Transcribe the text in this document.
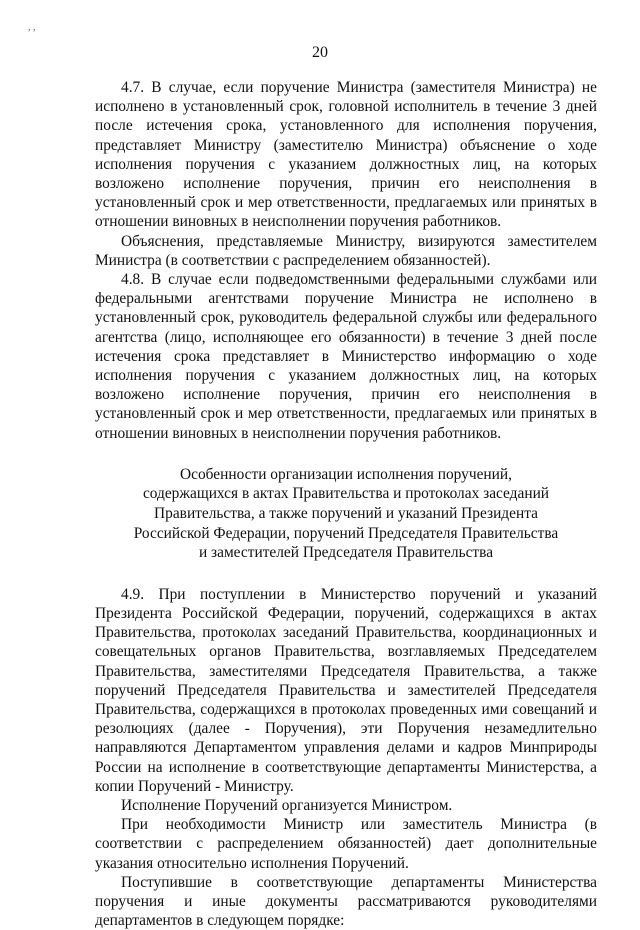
, ,
20

4.7. В случае, если поручение Министра (заместителя Министра) не исполнено в установленный срок, головной исполнитель в течение 3 дней после истечения срока, установленного для исполнения поручения, представляет Министру (заместителю Министра) объяснение о ходе исполнения поручения с указанием должностных лиц, на которых возложено исполнение поручения, причин его неисполнения в установленный срок и мер ответственности, предлагаемых или принятых в отношении виновных в неисполнении поручения работников.

Объяснения, представляемые Министру, визируются заместителем Министра (в соответствии с распределением обязанностей).

4.8. В случае если подведомственными федеральными службами или федеральными агентствами поручение Министра не исполнено в установленный срок, руководитель федеральной службы или федерального агентства (лицо, исполняющее его обязанности) в течение 3 дней после истечения срока представляет в Министерство информацию о ходе исполнения поручения с указанием должностных лиц, на которых возложено исполнение поручения, причин его неисполнения в установленный срок и мер ответственности, предлагаемых или принятых в отношении виновных в неисполнении поручения работников.

Особенности организации исполнения поручений,
содержащихся в актах Правительства и протоколах заседаний
Правительства, а также поручений и указаний Президента
Российской Федерации, поручений Председателя Правительства
и заместителей Председателя Правительства

4.9. При поступлении в Министерство поручений и указаний Президента Российской Федерации, поручений, содержащихся в актах Правительства, протоколах заседаний Правительства, координационных и совещательных органов Правительства, возглавляемых Председателем Правительства, заместителями Председателя Правительства, а также поручений Председателя Правительства и заместителей Председателя Правительства, содержащихся в протоколах проведенных ими совещаний и резолюциях (далее - Поручения), эти Поручения незамедлительно направляются Департаментом управления делами и кадров Минприроды России на исполнение в соответствующие департаменты Министерства, а копии Поручений - Министру.

Исполнение Поручений организуется Министром.

При необходимости Министр или заместитель Министра (в соответствии с распределением обязанностей) дает дополнительные указания относительно исполнения Поручений.

Поступившие в соответствующие департаменты Министерства поручения и иные документы рассматриваются руководителями департаментов в следующем порядке:
